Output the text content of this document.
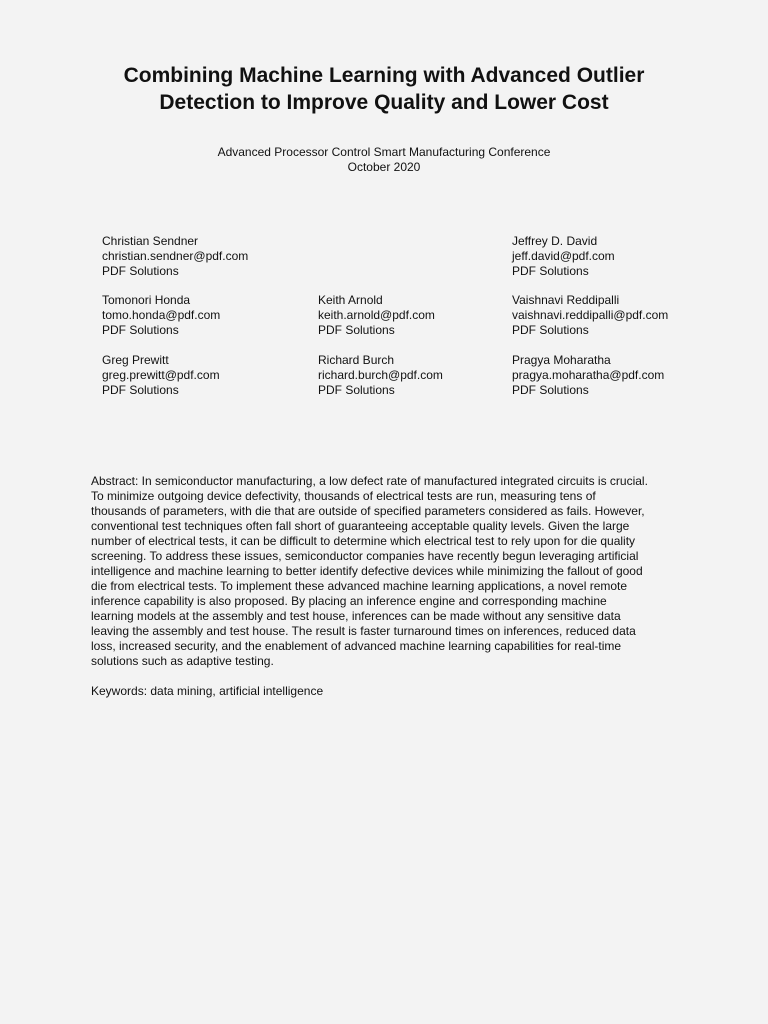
Combining Machine Learning with Advanced Outlier
Detection to Improve Quality and Lower Cost
Advanced Processor Control Smart Manufacturing Conference
October 2020
Christian Sendner
christian.sendner@pdf.com
PDF Solutions
Jeffrey D. David
jeff.david@pdf.com
PDF Solutions
Tomonori Honda
tomo.honda@pdf.com
PDF Solutions
Keith Arnold
keith.arnold@pdf.com
PDF Solutions
Vaishnavi Reddipalli
vaishnavi.reddipalli@pdf.com
PDF Solutions
Greg Prewitt
greg.prewitt@pdf.com
PDF Solutions
Richard Burch
richard.burch@pdf.com
PDF Solutions
Pragya Moharatha
pragya.moharatha@pdf.com
PDF Solutions
Abstract: In semiconductor manufacturing, a low defect rate of manufactured integrated circuits is crucial.
To minimize outgoing device defectivity, thousands of electrical tests are run, measuring tens of
thousands of parameters, with die that are outside of specified parameters considered as fails. However,
conventional test techniques often fall short of guaranteeing acceptable quality levels. Given the large
number of electrical tests, it can be difficult to determine which electrical test to rely upon for die quality
screening. To address these issues, semiconductor companies have recently begun leveraging artificial
intelligence and machine learning to better identify defective devices while minimizing the fallout of good
die from electrical tests. To implement these advanced machine learning applications, a novel remote
inference capability is also proposed. By placing an inference engine and corresponding machine
learning models at the assembly and test house, inferences can be made without any sensitive data
leaving the assembly and test house. The result is faster turnaround times on inferences, reduced data
loss, increased security, and the enablement of advanced machine learning capabilities for real-time
solutions such as adaptive testing.

Keywords: data mining, artificial intelligence
